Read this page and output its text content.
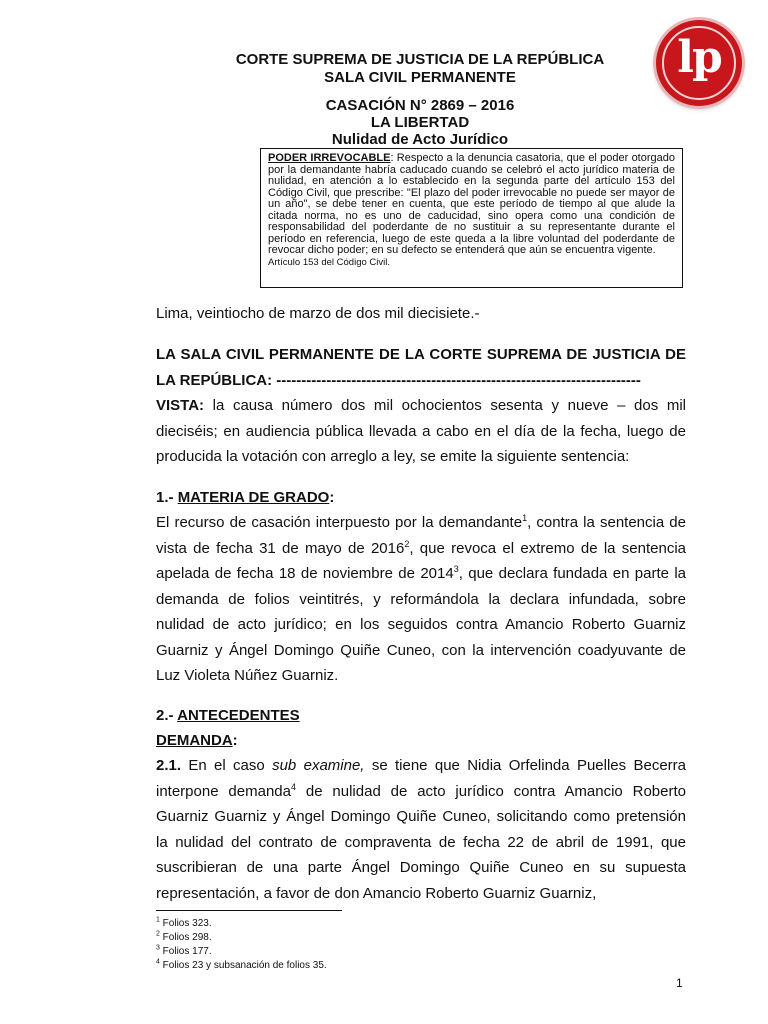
lp
CORTE SUPREMA DE JUSTICIA DE LA REPÚBLICA
SALA CIVIL PERMANENTE
CASACIÓN N° 2869 – 2016
LA LIBERTAD
Nulidad de Acto Jurídico
PODER IRREVOCABLE: Respecto a la denuncia casatoria, que el poder otorgado por la demandante habría caducado cuando se celebró el acto jurídico materia de nulidad, en atención a lo establecido en la segunda parte del artículo 153 del Código Civil, que prescribe: "El plazo del poder irrevocable no puede ser mayor de un año", se debe tener en cuenta, que este período de tiempo al que alude la citada norma, no es uno de caducidad, sino opera como una condición de responsabilidad del poderdante de no sustituir a su representante durante el período en referencia, luego de este queda a la libre voluntad del poderdante de revocar dicho poder; en su defecto se entenderá que aún se encuentra vigente.
Artículo 153 del Código Civil.
Lima, veintiocho de marzo de dos mil diecisiete.-
LA SALA CIVIL PERMANENTE DE LA CORTE SUPREMA DE JUSTICIA DE LA REPÚBLICA: -------------------------------------------------------------------------
VISTA: la causa número dos mil ochocientos sesenta y nueve – dos mil dieciséis; en audiencia pública llevada a cabo en el día de la fecha, luego de producida la votación con arreglo a ley, se emite la siguiente sentencia:
1.- MATERIA DE GRADO:
El recurso de casación interpuesto por la demandante$^1$, contra la sentencia de vista de fecha 31 de mayo de 2016$^2$, que revoca el extremo de la sentencia apelada de fecha 18 de noviembre de 2014$^3$, que declara fundada en parte la demanda de folios veintitrés, y reformándola la declara infundada, sobre nulidad de acto jurídico; en los seguidos contra Amancio Roberto Guarniz Guarniz y Ángel Domingo Quiñe Cuneo, con la intervención coadyuvante de Luz Violeta Núñez Guarniz.
2.- ANTECEDENTES
DEMANDA:
2.1. En el caso sub examine, se tiene que Nidia Orfelinda Puelles Becerra interpone demanda$^4$ de nulidad de acto jurídico contra Amancio Roberto Guarniz Guarniz y Ángel Domingo Quiñe Cuneo, solicitando como pretensión la nulidad del contrato de compraventa de fecha 22 de abril de 1991, que suscribieran de una parte Ángel Domingo Quiñe Cuneo en su supuesta representación, a favor de don Amancio Roberto Guarniz Guarniz,
$^1$ Folios 323.
$^2$ Folios 298.
$^3$ Folios 177.
$^4$ Folios 23 y subsanación de folios 35.
1
